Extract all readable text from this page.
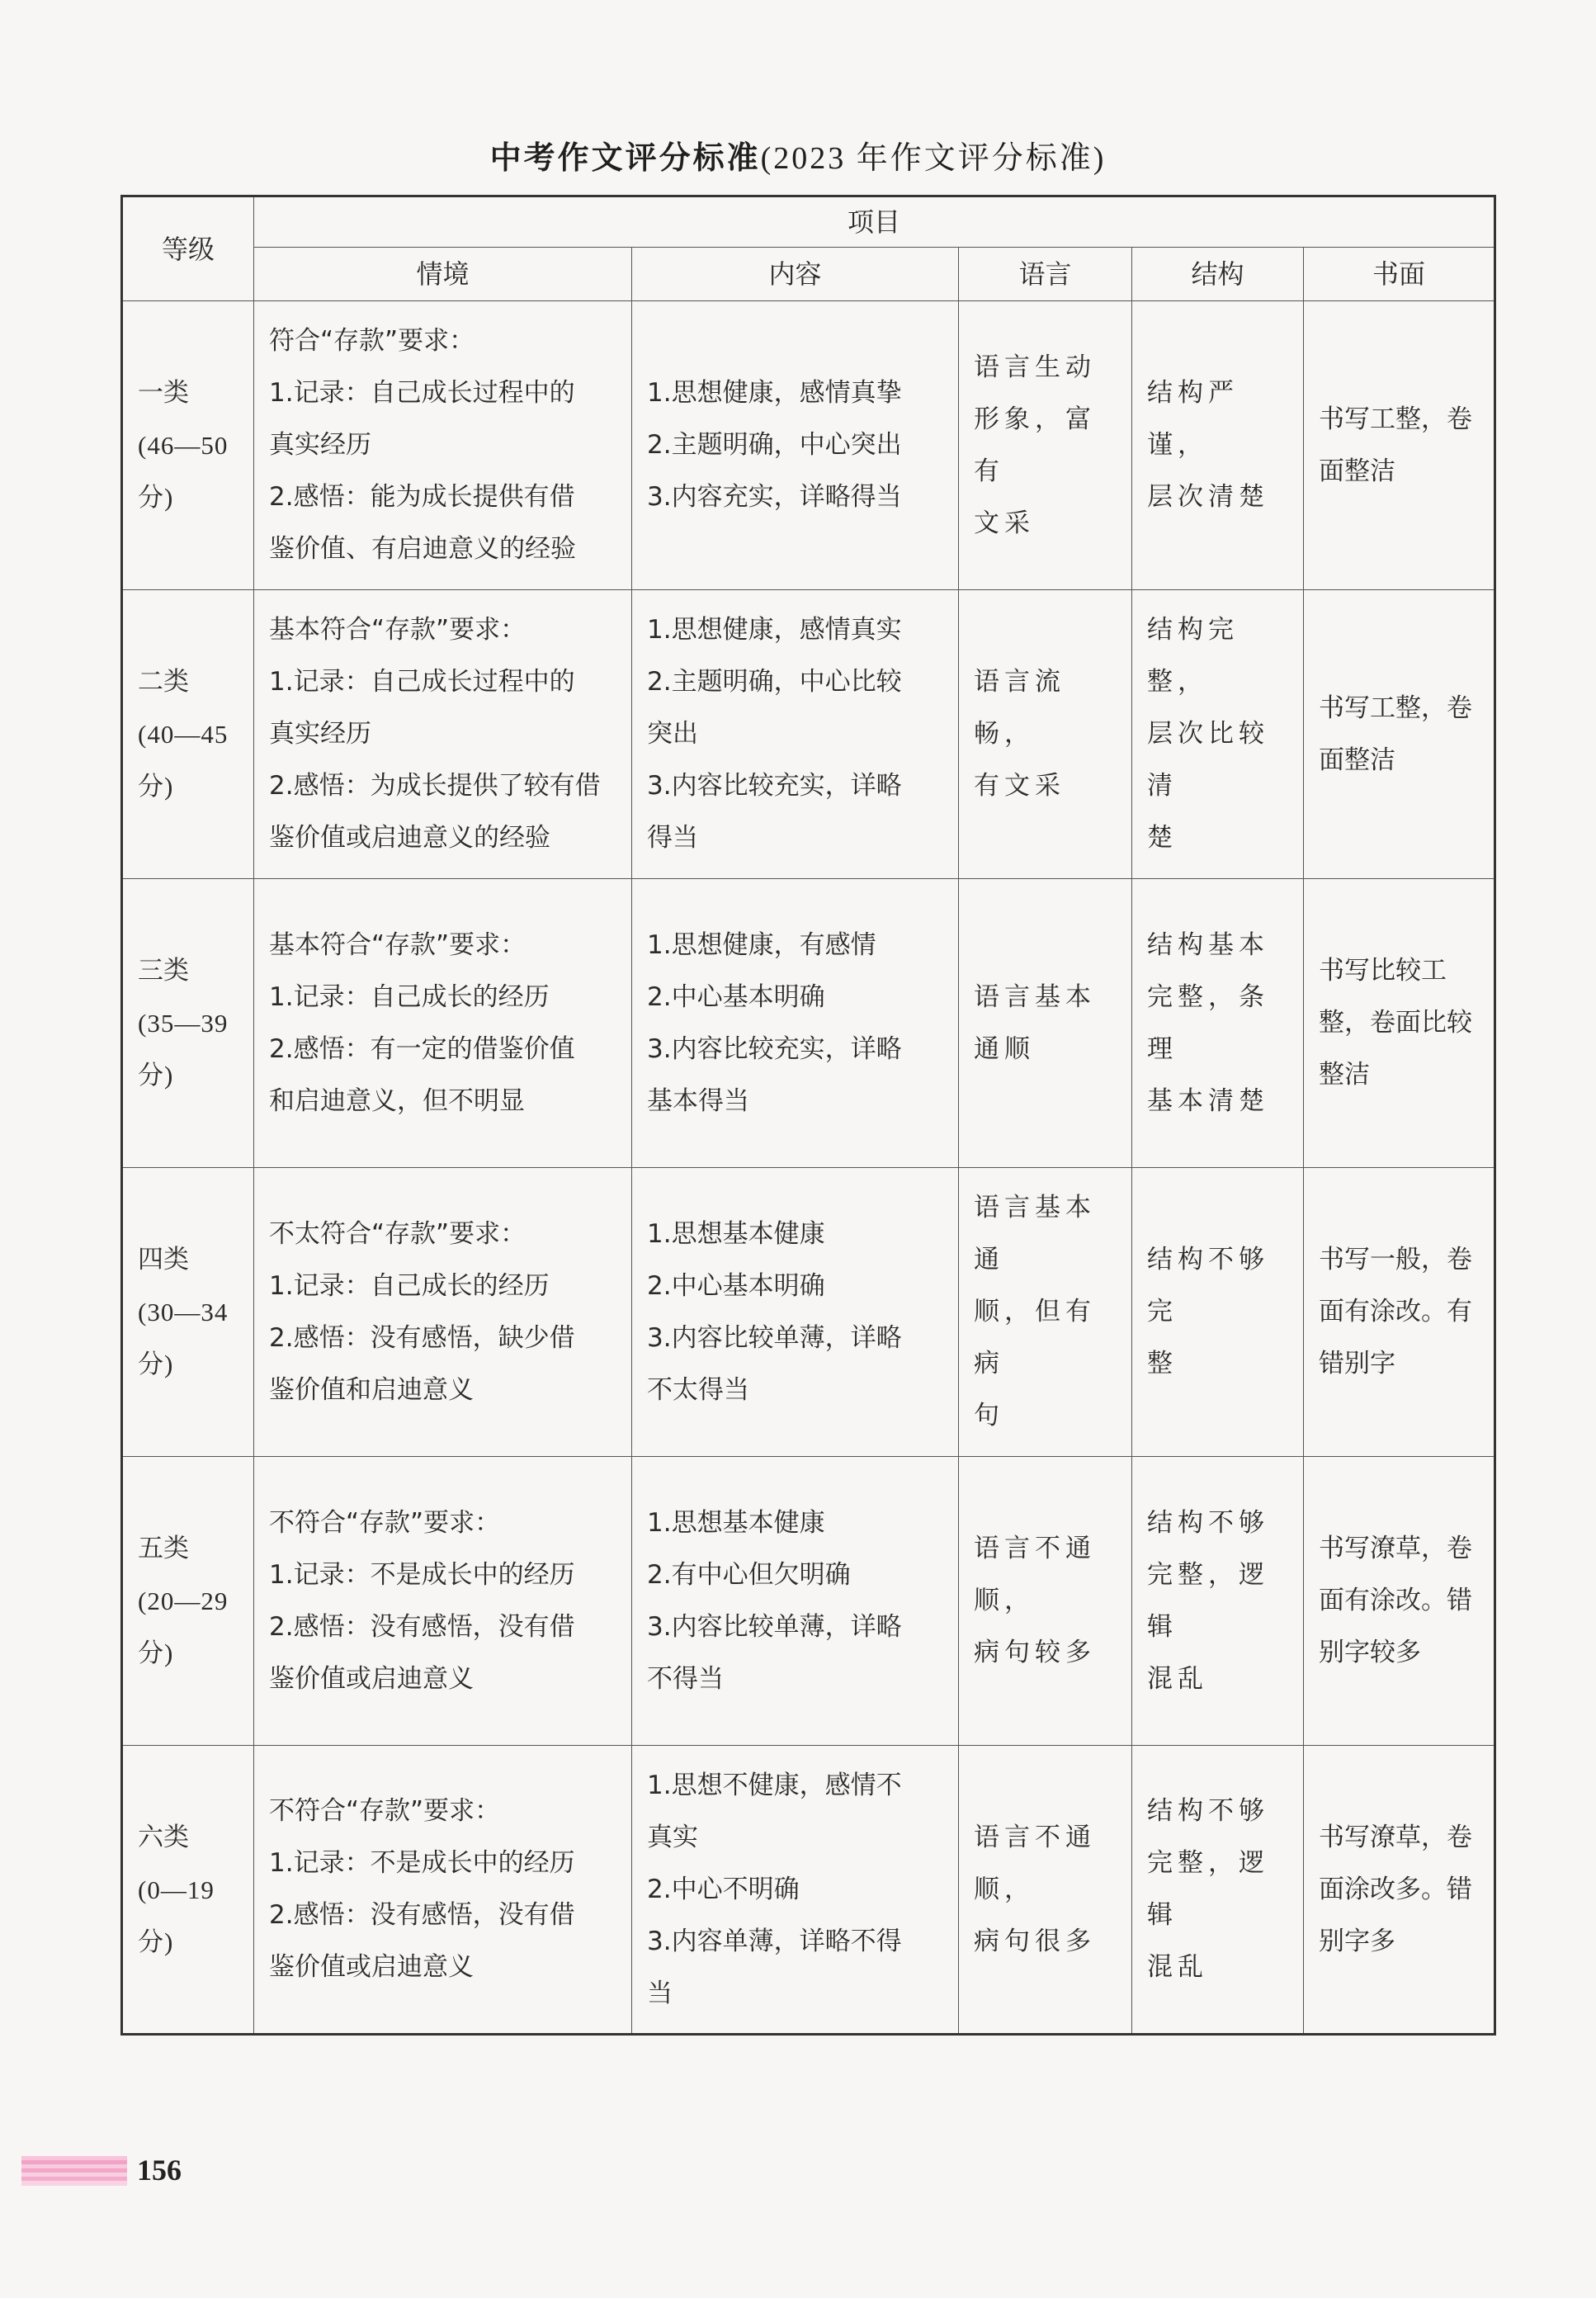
中考作文评分标准(2023 年作文评分标准)
等级	项目				
	情境	内容	语言	结构	书面

一类
(46—50
分)	符合“存款”要求：
1.记录：自己成长过程中的
真实经历
2.感悟：能为成长提供有借
鉴价值、有启迪意义的经验	1.思想健康，感情真挚
2.主题明确，中心突出
3.内容充实，详略得当	语言生动
形象，富有
文采	结构严谨，
层次清楚	书写工整，卷
面整洁

二类
(40—45
分)	基本符合“存款”要求：
1.记录：自己成长过程中的
真实经历
2.感悟：为成长提供了较有借
鉴价值或启迪意义的经验	1.思想健康，感情真实
2.主题明确，中心比较
突出
3.内容比较充实，详略
得当	语言流畅，
有文采	结构完整，
层次比较清
楚	书写工整，卷
面整洁

三类
(35—39
分)	基本符合“存款”要求：
1.记录：自己成长的经历
2.感悟：有一定的借鉴价值
和启迪意义，但不明显	1.思想健康，有感情
2.中心基本明确
3.内容比较充实，详略
基本得当	语言基本
通顺	结构基本
完整，条理
基本清楚	书写比较工
整，卷面比较
整洁

四类
(30—34
分)	不太符合“存款”要求：
1.记录：自己成长的经历
2.感悟：没有感悟，缺少借
鉴价值和启迪意义	1.思想基本健康
2.中心基本明确
3.内容比较单薄，详略
不太得当	语言基本通
顺，但有病
句	结构不够完
整	书写一般，卷
面有涂改。有
错别字

五类
(20—29
分)	不符合“存款”要求：
1.记录：不是成长中的经历
2.感悟：没有感悟，没有借
鉴价值或启迪意义	1.思想基本健康
2.有中心但欠明确
3.内容比较单薄，详略
不得当	语言不通顺，
病句较多	结构不够
完整，逻辑
混乱	书写潦草，卷
面有涂改。错
别字较多

六类
(0—19
分)	不符合“存款”要求：
1.记录：不是成长中的经历
2.感悟：没有感悟，没有借
鉴价值或启迪意义	1.思想不健康，感情不
真实
2.中心不明确
3.内容单薄，详略不得
当	语言不通顺，
病句很多	结构不够
完整，逻辑
混乱	书写潦草，卷
面涂改多。错
别字多
156
